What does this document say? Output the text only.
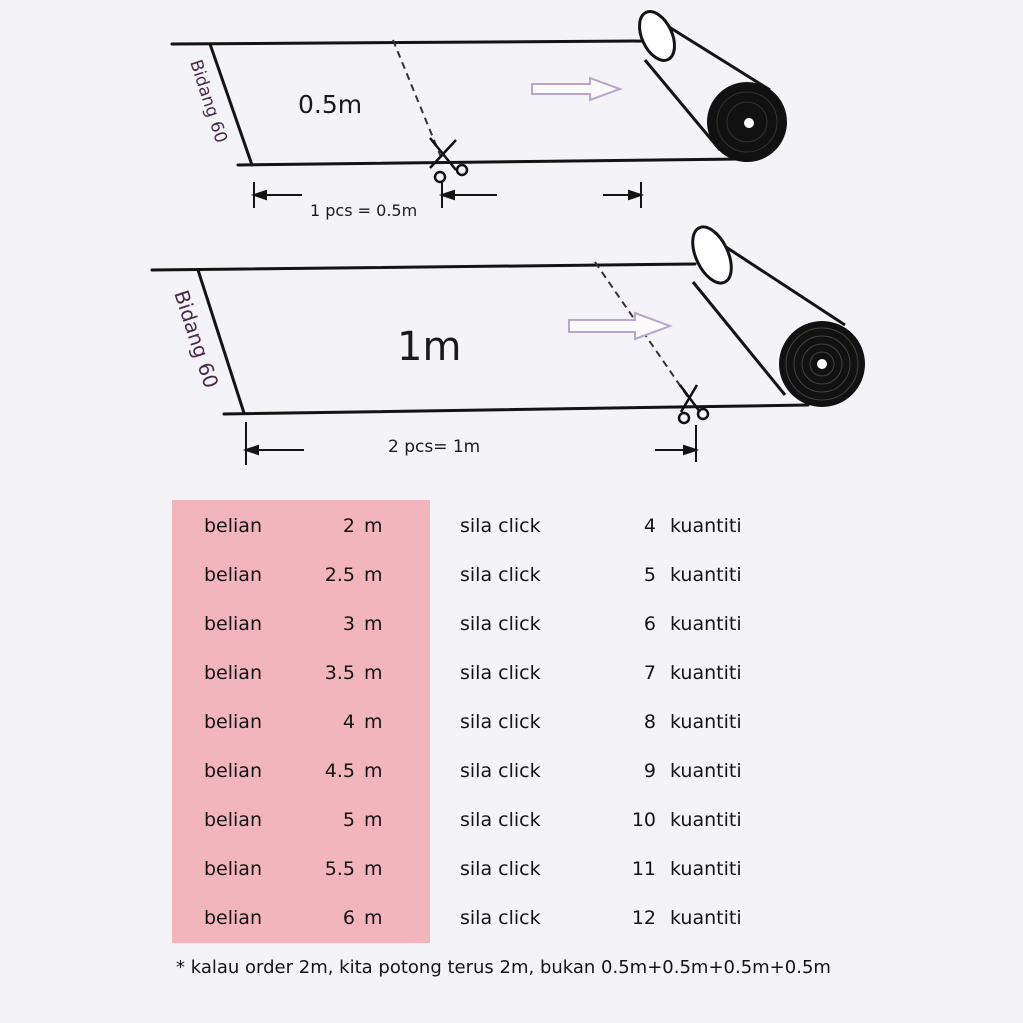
Bidang 60	0.5m
1 pcs = 0.5m
Bidang 60	1m
2 pcs= 1m
belian	2 m	sila click	4 kuantiti
belian	2.5 m	sila click	5 kuantiti
belian	3 m	sila click	6 kuantiti
belian	3.5 m	sila click	7 kuantiti
belian	4 m	sila click	8 kuantiti
belian	4.5 m	sila click	9 kuantiti
belian	5 m	sila click	10 kuantiti
belian	5.5 m	sila click	11 kuantiti
belian	6 m	sila click	12 kuantiti
* kalau order 2m, kita potong terus 2m, bukan 0.5m+0.5m+0.5m+0.5m
